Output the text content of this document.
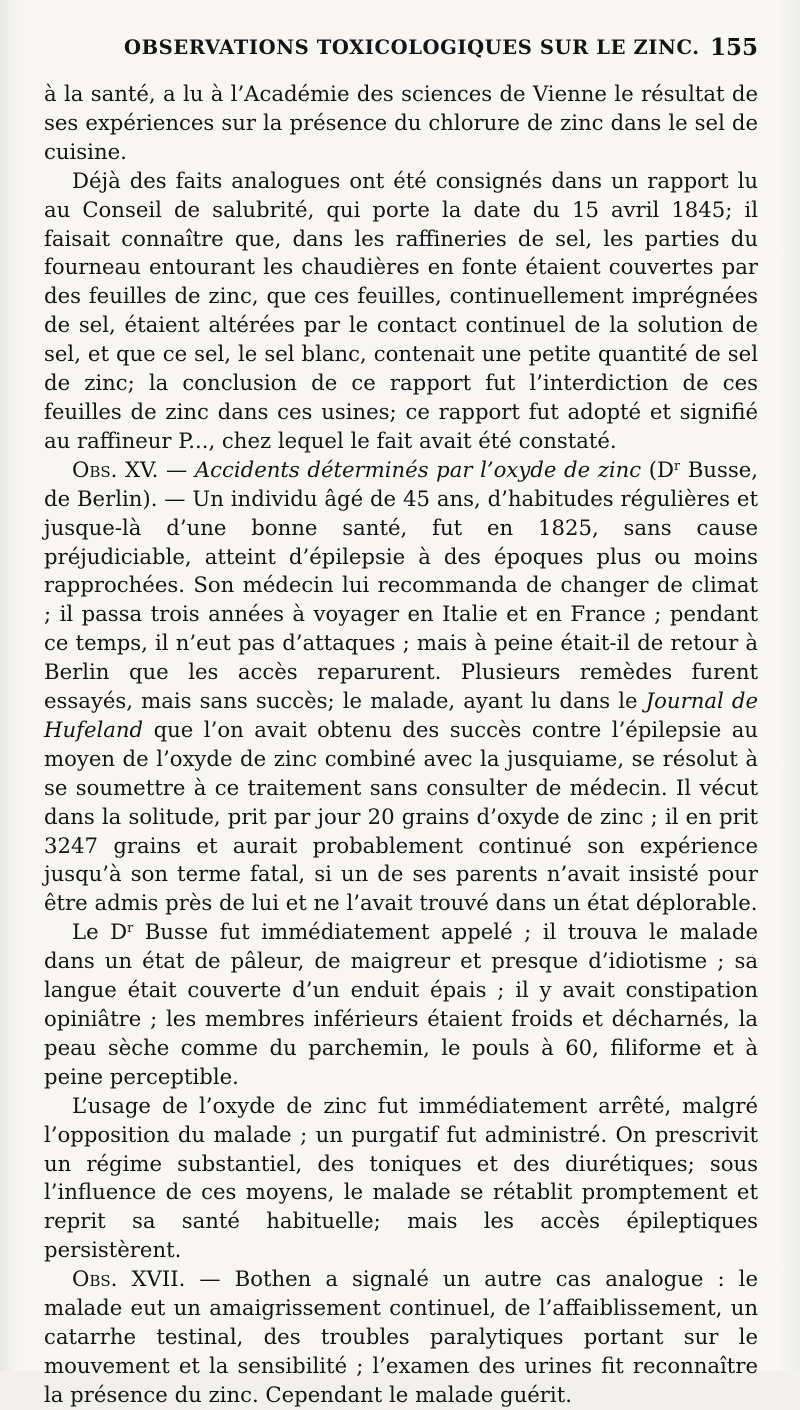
OBSERVATIONS TOXICOLOGIQUES SUR LE ZINC. 155

à la santé, a lu à l’Académie des sciences de Vienne le résultat de ses expériences sur la présence du chlorure de zinc dans le sel de cuisine.

Déjà des faits analogues ont été consignés dans un rapport lu au Conseil de salubrité, qui porte la date du 15 avril 1845; il faisait connaître que, dans les raffineries de sel, les parties du fourneau entourant les chaudières en fonte étaient couvertes par des feuilles de zinc, que ces feuilles, continuellement imprégnées de sel, étaient altérées par le contact continuel de la solution de sel, et que ce sel, le sel blanc, contenait une petite quantité de sel de zinc; la conclusion de ce rapport fut l’interdiction de ces feuilles de zinc dans ces usines; ce rapport fut adopté et signifié au raffineur P..., chez lequel le fait avait été constaté.

Obs. XV. — Accidents déterminés par l’oxyde de zinc ($D^r$ Busse, de Berlin). — Un individu âgé de 45 ans, d’habitudes régulières et jusque-là d’une bonne santé, fut en 1825, sans cause préjudiciable, atteint d’épilepsie à des époques plus ou moins rapprochées. Son médecin lui recommanda de changer de climat ; il passa trois années à voyager en Italie et en France ; pendant ce temps, il n’eut pas d’attaques ; mais à peine était-il de retour à Berlin que les accès reparurent. Plusieurs remèdes furent essayés, mais sans succès; le malade, ayant lu dans le Journal de Hufeland que l’on avait obtenu des succès contre l’épilepsie au moyen de l’oxyde de zinc combiné avec la jusquiame, se résolut à se soumettre à ce traitement sans consulter de médecin. Il vécut dans la solitude, prit par jour 20 grains d’oxyde de zinc ; il en prit 3247 grains et aurait probablement continué son expérience jusqu’à son terme fatal, si un de ses parents n’avait insisté pour être admis près de lui et ne l’avait trouvé dans un état déplorable.

Le $D^r$ Busse fut immédiatement appelé ; il trouva le malade dans un état de pâleur, de maigreur et presque d’idiotisme ; sa langue était couverte d’un enduit épais ; il y avait constipation opiniâtre ; les membres inférieurs étaient froids et décharnés, la peau sèche comme du parchemin, le pouls à 60, filiforme et à peine perceptible.

L’usage de l’oxyde de zinc fut immédiatement arrêté, malgré l’opposition du malade ; un purgatif fut administré. On prescrivit un régime substantiel, des toniques et des diurétiques; sous l’influence de ces moyens, le malade se rétablit promptement et reprit sa santé habituelle; mais les accès épileptiques persistèrent.

Obs. XVII. — Bothen a signalé un autre cas analogue : le malade eut un amaigrissement continuel, de l’affaiblissement, un catarrhe testinal, des troubles paralytiques portant sur le mouvement et la sensibilité ; l’examen des urines fit reconnaître la présence du zinc. Cependant le malade guérit.
